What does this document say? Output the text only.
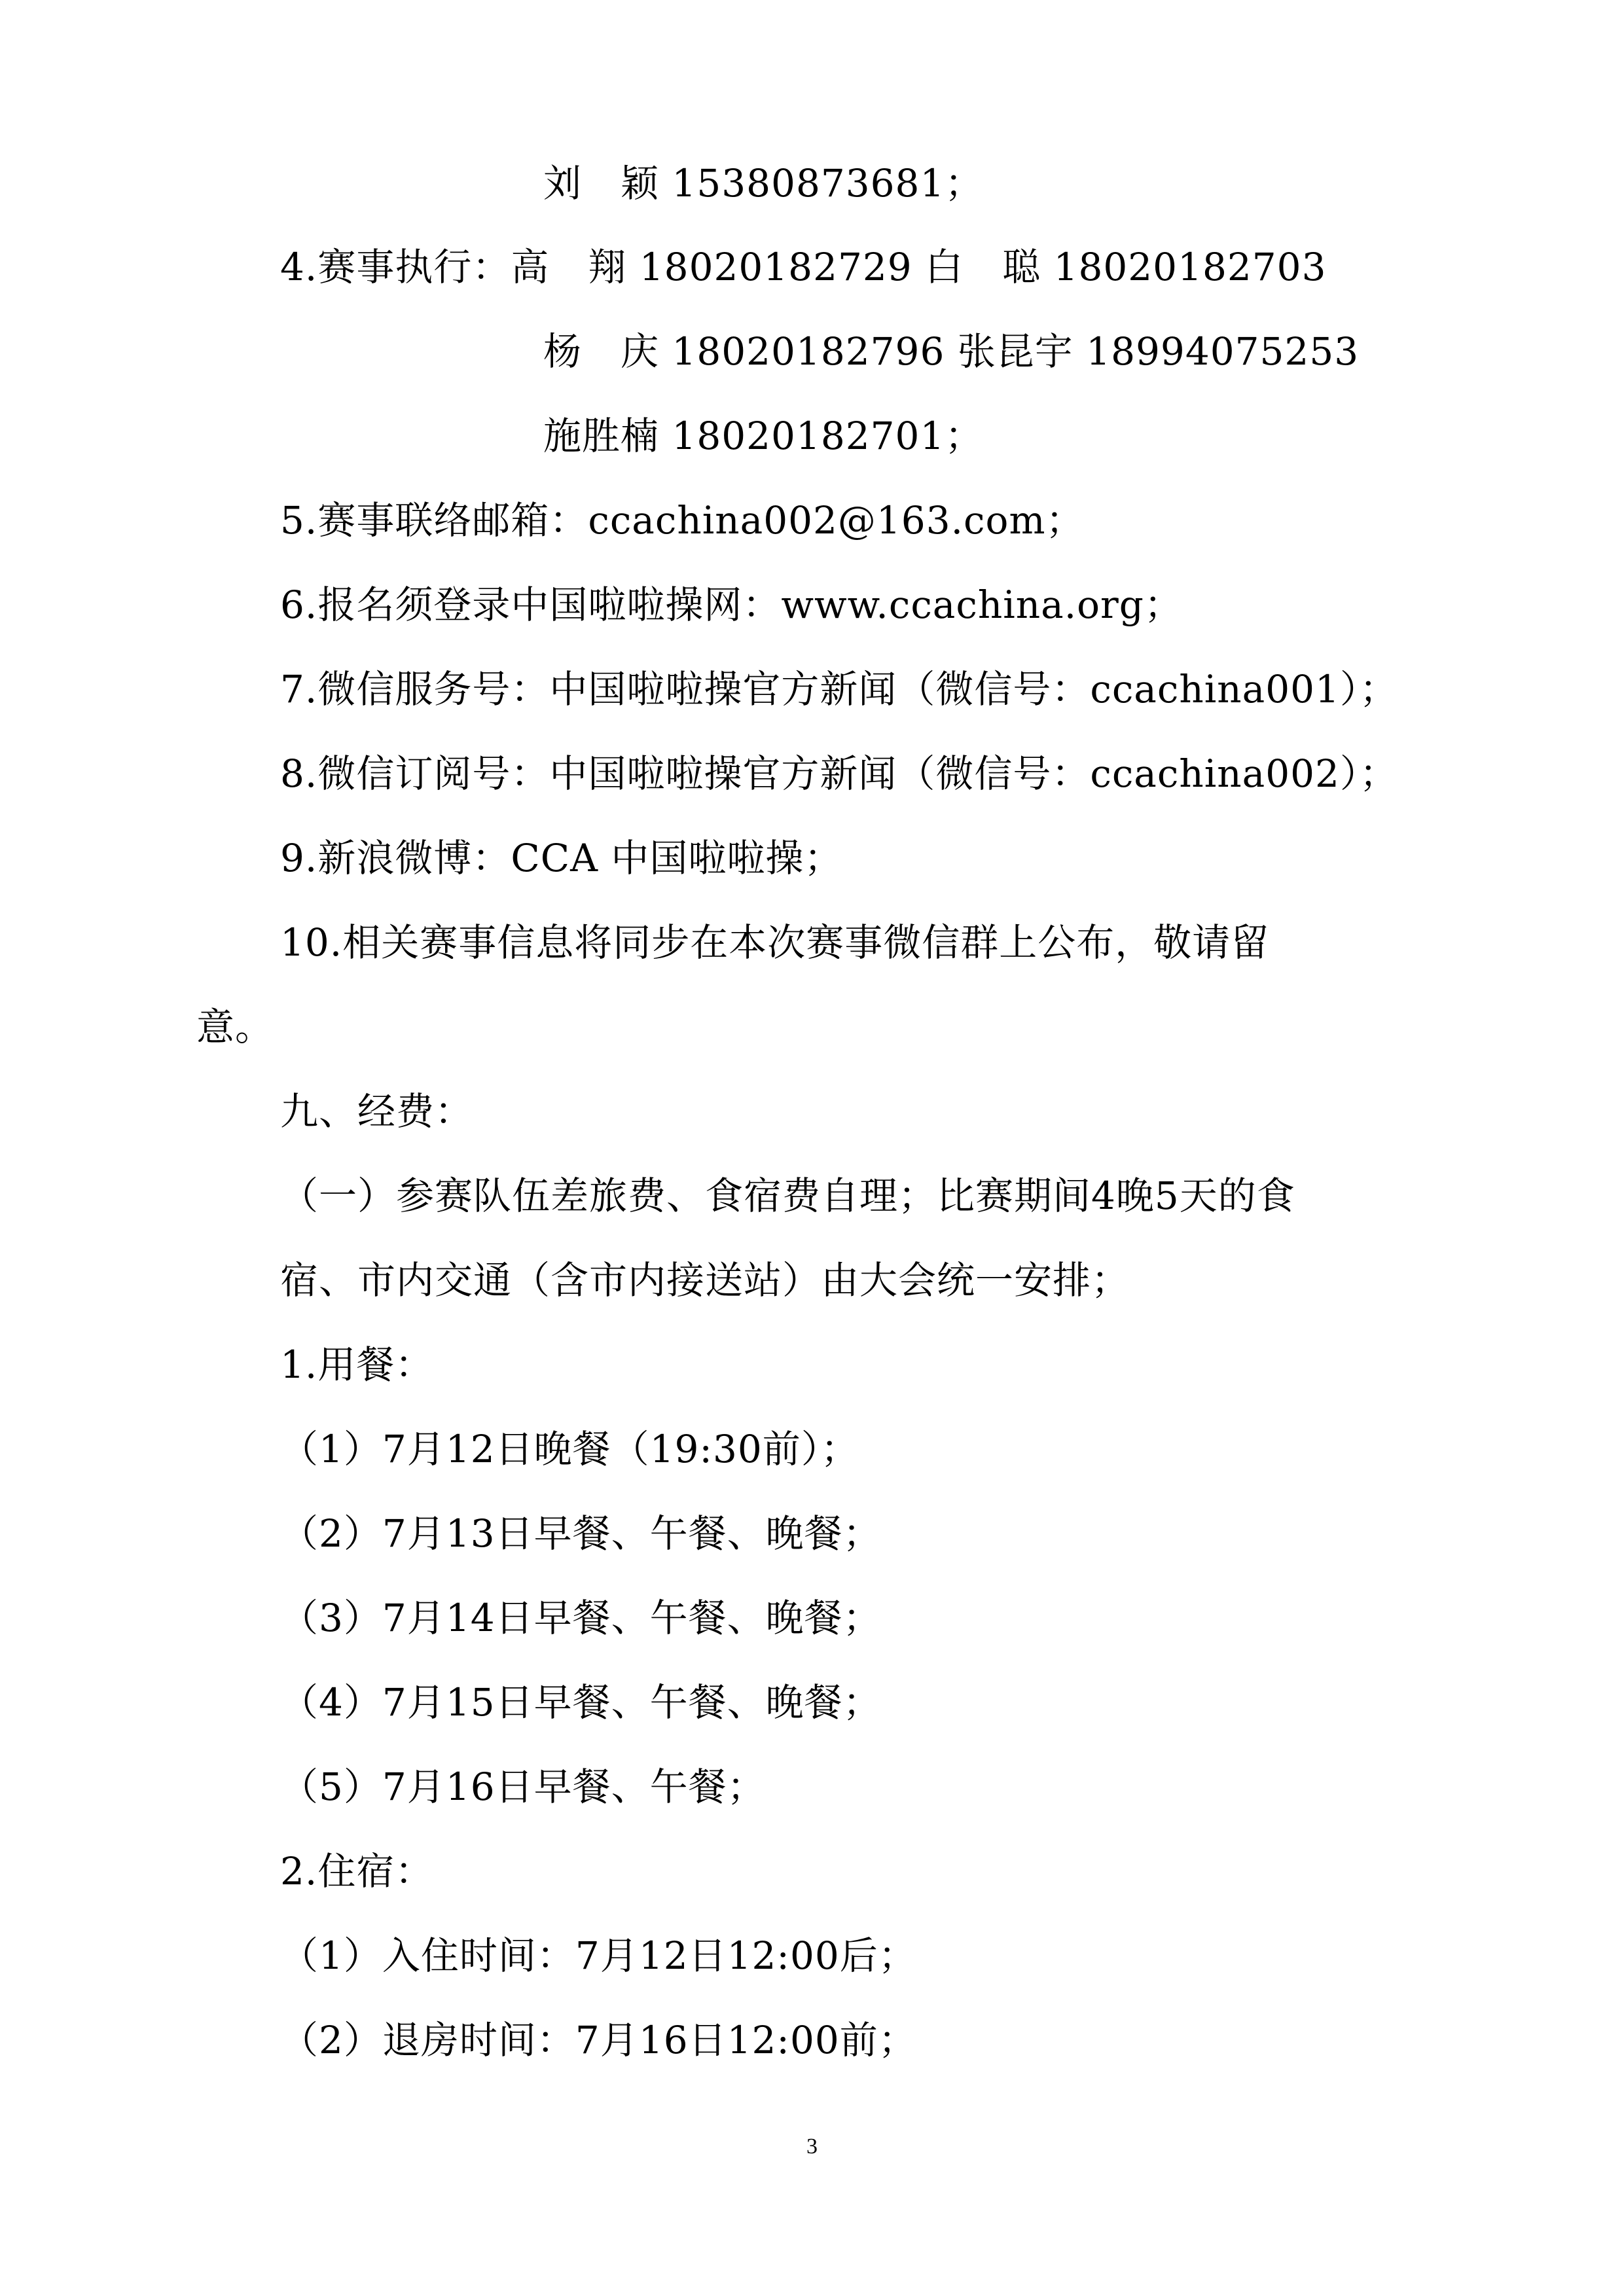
刘　颖 15380873681；
4.赛事执行：高　翔 18020182729 白　聪 18020182703
杨　庆 18020182796 张昆宇 18994075253
施胜楠 18020182701；
5.赛事联络邮箱：ccachina002@163.com；
6.报名须登录中国啦啦操网：www.ccachina.org；
7.微信服务号：中国啦啦操官方新闻（微信号：ccachina001）；
8.微信订阅号：中国啦啦操官方新闻（微信号：ccachina002）；
9.新浪微博：CCA 中国啦啦操；
10.相关赛事信息将同步在本次赛事微信群上公布，敬请留
意。
九、经费：
（一）参赛队伍差旅费、食宿费自理；比赛期间4晚5天的食
宿、市内交通（含市内接送站）由大会统一安排；
1.用餐：
（1）7月12日晚餐（19:30前）；
（2）7月13日早餐、午餐、晚餐；
（3）7月14日早餐、午餐、晚餐；
（4）7月15日早餐、午餐、晚餐；
（5）7月16日早餐、午餐；
2.住宿：
（1）入住时间：7月12日12:00后；
（2）退房时间：7月16日12:00前；
3
